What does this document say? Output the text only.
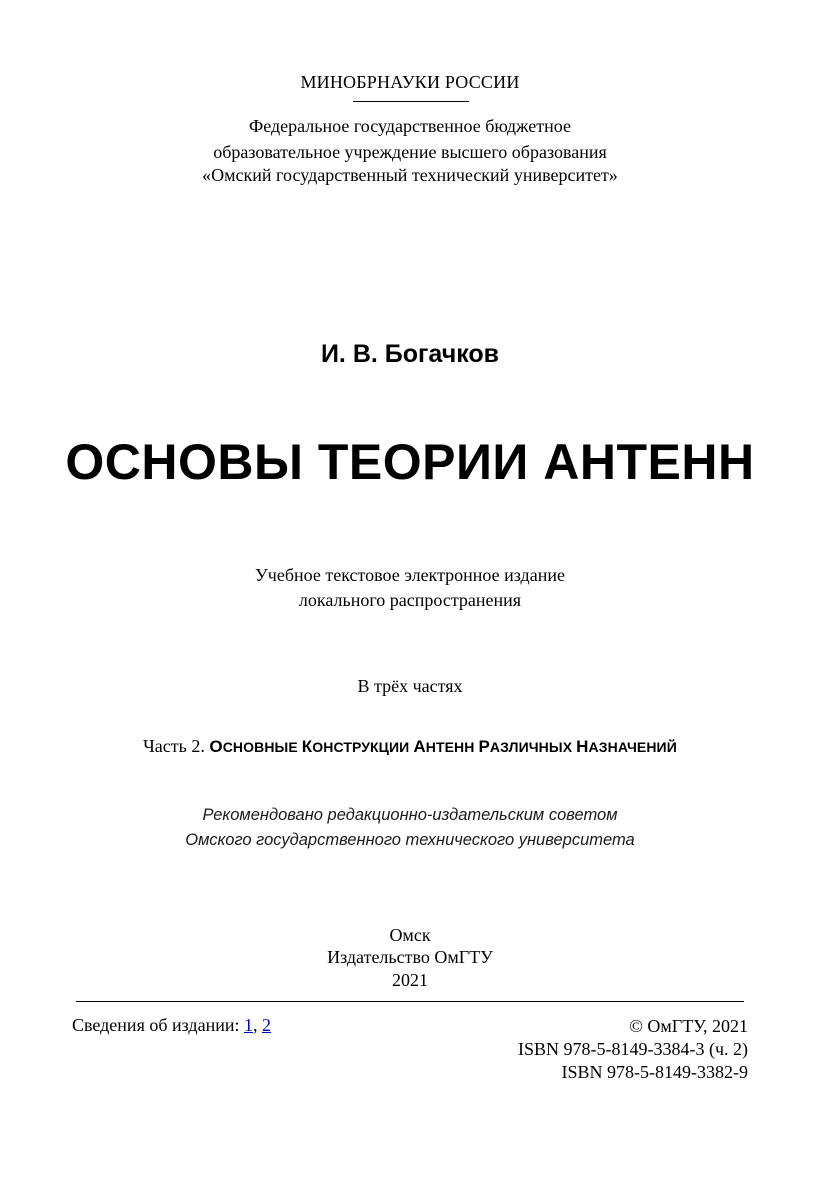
МИНОБРНАУКИ РОССИИ
Федеральное государственное бюджетное
образовательное учреждение высшего образования
«Омский государственный технический университет»
И. В. Богачков
ОСНОВЫ ТЕОРИИ АНТЕНН
Учебное текстовое электронное издание
локального распространения
В трёх частях
Часть 2. ОСНОВНЫЕ КОНСТРУКЦИИ АНТЕНН РАЗЛИЧНЫХ НАЗНАЧЕНИЙ
Рекомендовано редакционно-издательским советом
Омского государственного технического университета
Омск
Издательство ОмГТУ
2021
Сведения об издании: 1, 2	© ОмГТУ, 2021
ISBN 978-5-8149-3384-3 (ч. 2)
ISBN 978-5-8149-3382-9
